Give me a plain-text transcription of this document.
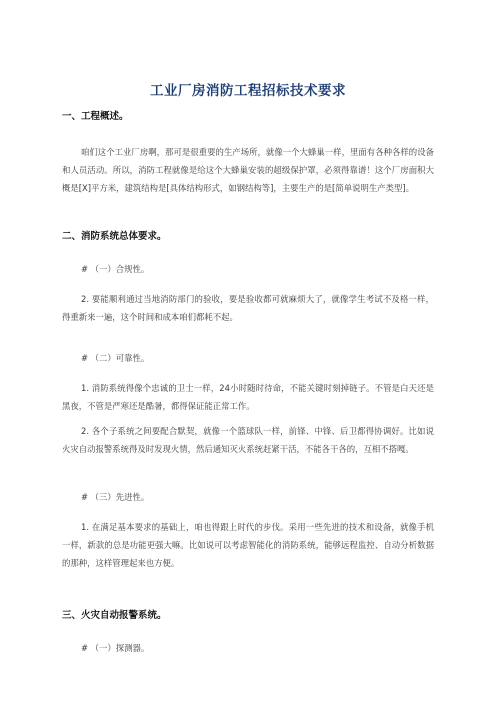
工业厂房消防工程招标技术要求
一、工程概述。

咱们这个工业厂房啊，那可是很重要的生产场所，就像一个大蜂巢一样，里面有各种各样的设备和人员活动。所以，消防工程就像是给这个大蜂巢安装的超级保护罩，必须得靠谱！这个厂房面积大概是[X]平方米，建筑结构是[具体结构形式，如钢结构等]，主要生产的是[简单说明生产类型]。

二、消防系统总体要求。
# （一）合规性。

2. 要能顺利通过当地消防部门的验收，要是验收都可就麻烦大了，就像学生考试不及格一样，得重新来一遍，这个时间和成本咱们都耗不起。

# （二）可靠性。

1. 消防系统得像个忠诚的卫士一样，24小时随时待命，不能关键时刻掉链子。不管是白天还是黑夜，不管是严寒还是酷暑，都得保证能正常工作。

2. 各个子系统之间要配合默契，就像一个篮球队一样，前锋、中锋、后卫都得协调好。比如说火灾自动报警系统得及时发现火情，然后通知灭火系统赶紧干活，不能各干各的，互相不搭嘎。

# （三）先进性。

1. 在满足基本要求的基础上，咱也得跟上时代的步伐。采用一些先进的技术和设备，就像手机一样，新款的总是功能更强大嘛。比如说可以考虑智能化的消防系统，能够远程监控、自动分析数据的那种，这样管理起来也方便。

三、火灾自动报警系统。
# （一）探测器。
